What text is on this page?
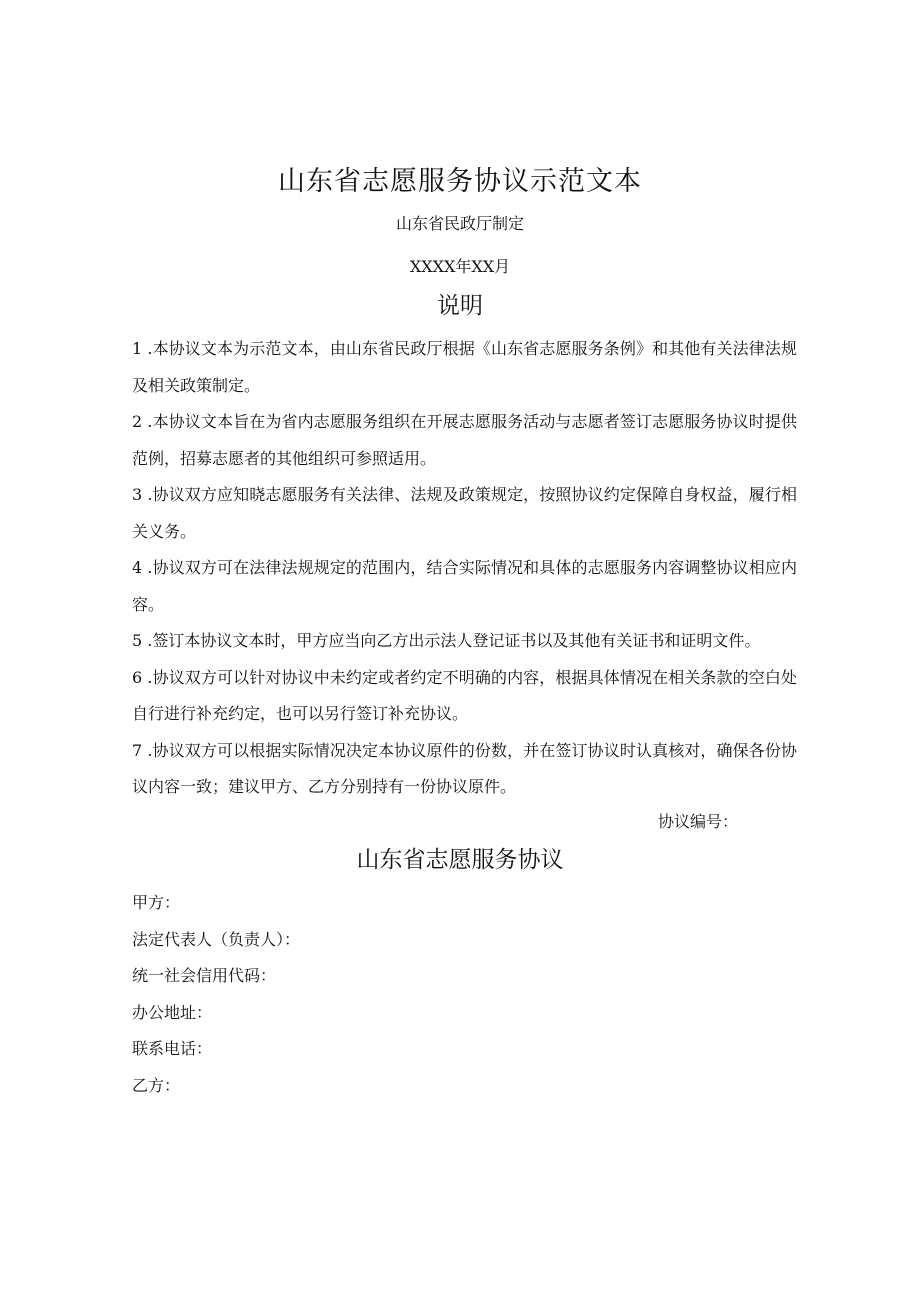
山东省志愿服务协议示范文本
山东省民政厅制定
XXXX年XX月
说明
1 .本协议文本为示范文本，由山东省民政厅根据《山东省志愿服务条例》和其他有关法律法规及相关政策制定。
2 .本协议文本旨在为省内志愿服务组织在开展志愿服务活动与志愿者签订志愿服务协议时提供范例，招募志愿者的其他组织可参照适用。
3 .协议双方应知晓志愿服务有关法律、法规及政策规定，按照协议约定保障自身权益，履行相关义务。
4 .协议双方可在法律法规规定的范围内，结合实际情况和具体的志愿服务内容调整协议相应内容。
5 .签订本协议文本时，甲方应当向乙方出示法人登记证书以及其他有关证书和证明文件。
6 .协议双方可以针对协议中未约定或者约定不明确的内容，根据具体情况在相关条款的空白处自行进行补充约定，也可以另行签订补充协议。
7 .协议双方可以根据实际情况决定本协议原件的份数，并在签订协议时认真核对，确保各份协议内容一致；建议甲方、乙方分别持有一份协议原件。
协议编号：
山东省志愿服务协议
甲方：
法定代表人（负责人）：
统一社会信用代码：
办公地址：
联系电话：
乙方：
